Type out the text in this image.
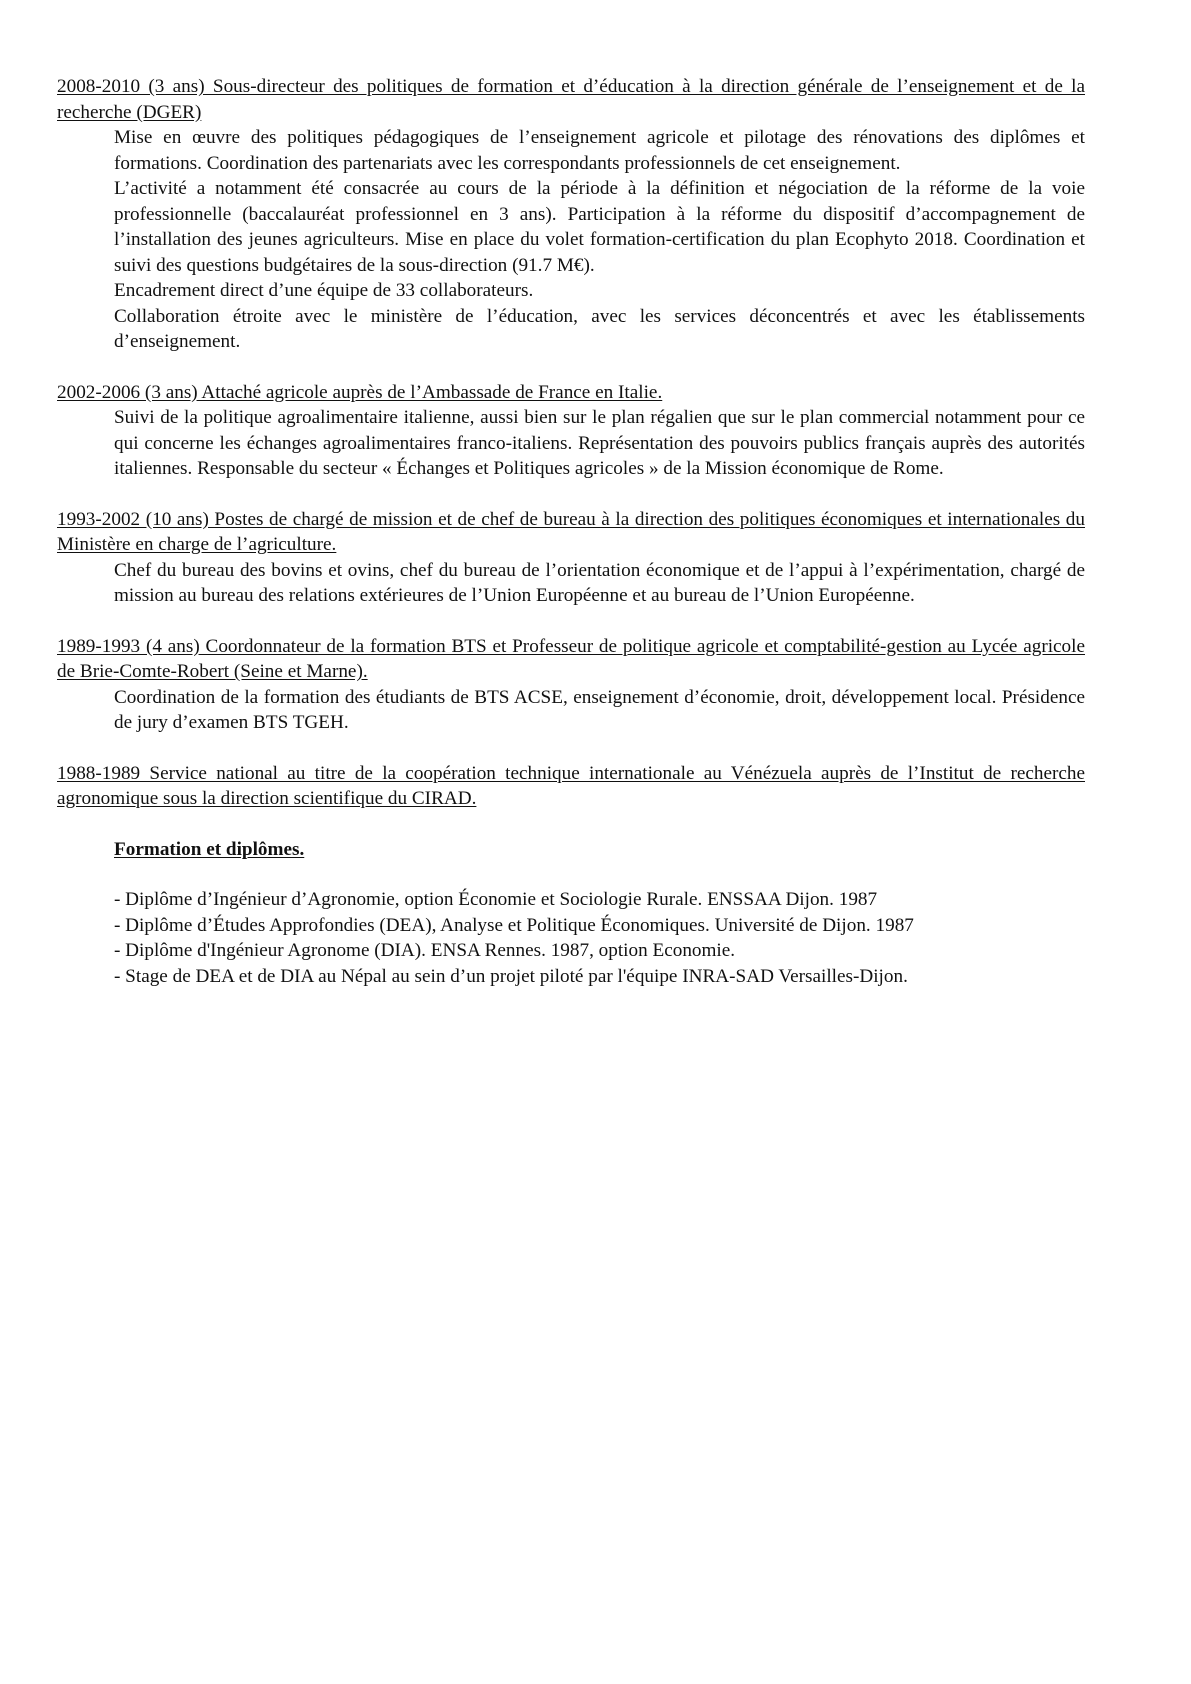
2008-2010 (3 ans) Sous-directeur des politiques de formation et d’éducation à la direction générale de l’enseignement et de la recherche (DGER)

Mise en œuvre des politiques pédagogiques de l’enseignement agricole et pilotage des rénovations des diplômes et formations. Coordination des partenariats avec les correspondants professionnels de cet enseignement.

L’activité a notamment été consacrée au cours de la période à la définition et négociation de la réforme de la voie professionnelle (baccalauréat professionnel en 3 ans). Participation à la réforme du dispositif d’accompagnement de l’installation des jeunes agriculteurs. Mise en place du volet formation-certification du plan Ecophyto 2018. Coordination et suivi des questions budgétaires de la sous-direction (91.7 M€).

Encadrement direct d’une équipe de 33 collaborateurs.

Collaboration étroite avec le ministère de l’éducation, avec les services déconcentrés et avec les établissements d’enseignement.

2002-2006 (3 ans) Attaché agricole auprès de l’Ambassade de France en Italie.

Suivi de la politique agroalimentaire italienne, aussi bien sur le plan régalien que sur le plan commercial notamment pour ce qui concerne les échanges agroalimentaires franco-italiens. Représentation des pouvoirs publics français auprès des autorités italiennes. Responsable du secteur « Échanges et Politiques agricoles » de la Mission économique de Rome.

1993-2002 (10 ans) Postes de chargé de mission et de chef de bureau à la direction des politiques économiques et internationales du Ministère en charge de l’agriculture.

Chef du bureau des bovins et ovins, chef du bureau de l’orientation économique et de l’appui à l’expérimentation, chargé de mission au bureau des relations extérieures de l’Union Européenne et au bureau de l’Union Européenne.

1989-1993 (4 ans) Coordonnateur de la formation BTS et Professeur de politique agricole et comptabilité-gestion au Lycée agricole de Brie-Comte-Robert (Seine et Marne).

Coordination de la formation des étudiants de BTS ACSE, enseignement d’économie, droit, développement local. Présidence de jury d’examen BTS TGEH.

1988-1989 Service national au titre de la coopération technique internationale au Vénézuela auprès de l’Institut de recherche agronomique sous la direction scientifique du CIRAD.

Formation et diplômes.

- Diplôme d’Ingénieur d’Agronomie, option Économie et Sociologie Rurale. ENSSAA Dijon. 1987
- Diplôme d’Études Approfondies (DEA), Analyse et Politique Économiques. Université de Dijon. 1987
- Diplôme d'Ingénieur Agronome (DIA). ENSA Rennes. 1987, option Economie.
- Stage de DEA et de DIA au Népal au sein d’un projet piloté par l'équipe INRA-SAD Versailles-Dijon.
